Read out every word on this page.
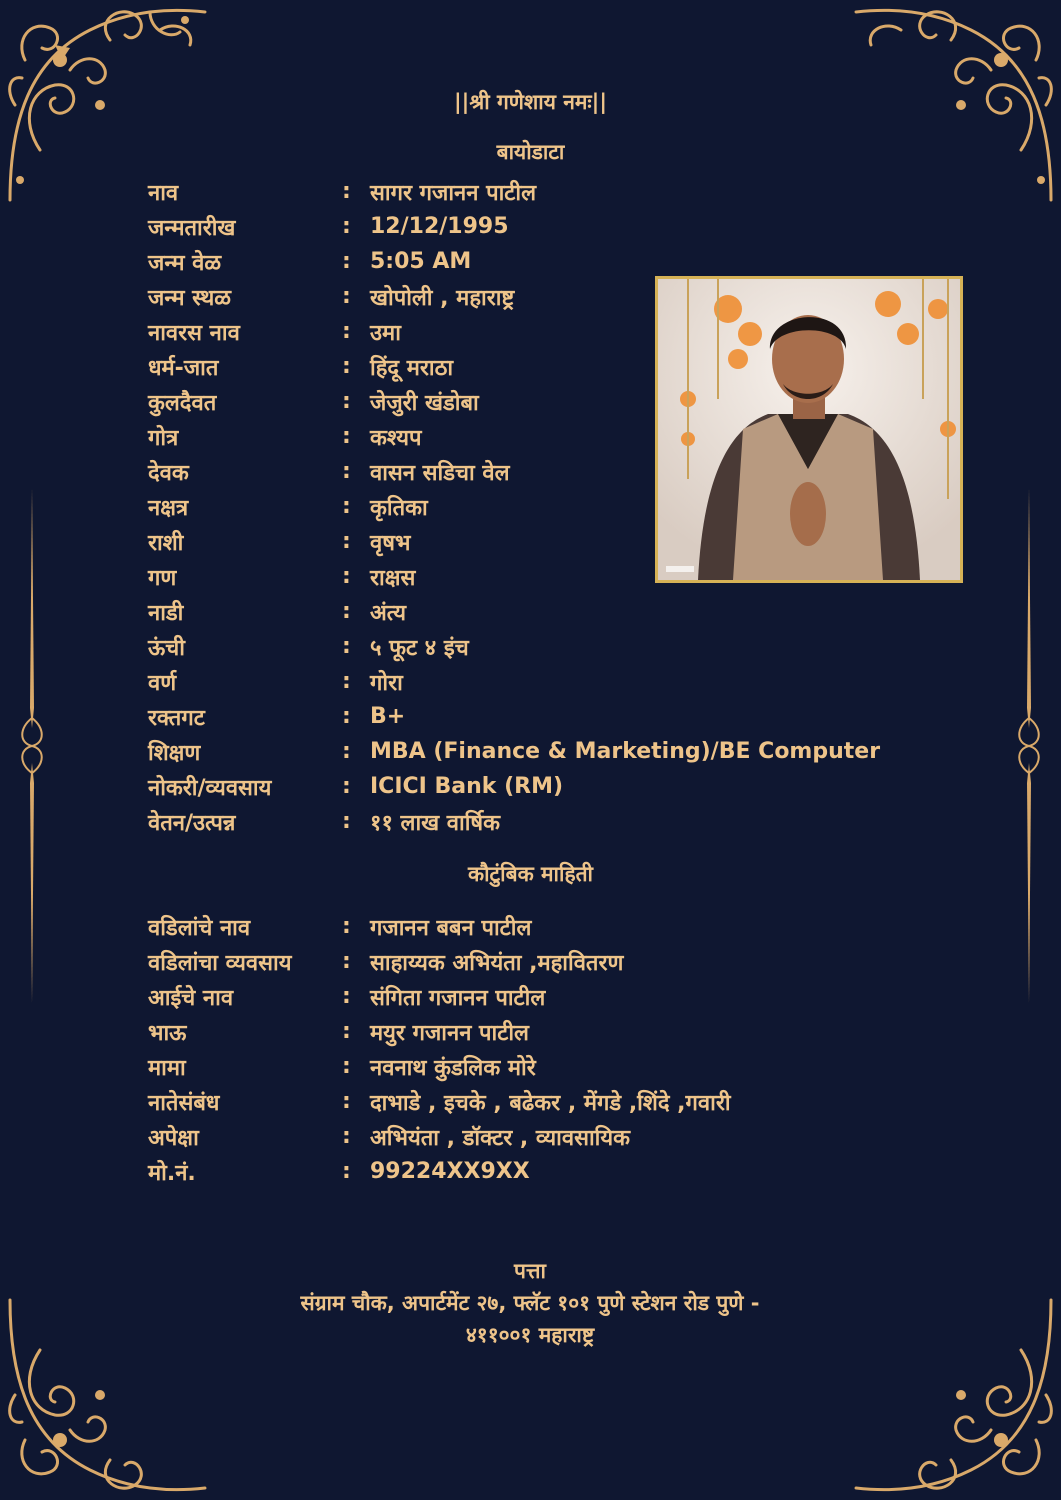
||श्री गणेशाय नमः||
बायोडाटा
नाव	: सागर गजानन पाटील
जन्मतारीख	: 12/12/1995
जन्म वेळ	: 5:05 AM
जन्म स्थळ	: खोपोली , महाराष्ट्र
नावरस नाव	: उमा
धर्म-जात	: हिंदू मराठा
कुलदैवत	: जेजुरी खंडोबा
गोत्र	: कश्यप
देवक	: वासन सडिचा वेल
नक्षत्र	: कृतिका
राशी	: वृषभ
गण	: राक्षस
नाडी	: अंत्य
ऊंची	: ५ फूट ४ इंच
वर्ण	: गोरा
रक्तगट	: B+
शिक्षण	: MBA (Finance & Marketing)/BE Computer
नोकरी/व्यवसाय	: ICICI Bank (RM)
वेतन/उत्पन्न	: ११ लाख वार्षिक
कौटुंबिक माहिती
वडिलांचे नाव	: गजानन बबन पाटील
वडिलांचा व्यवसाय	: साहाय्यक अभियंता ,महावितरण
आईचे नाव	: संगिता गजानन पाटील
भाऊ	: मयुर गजानन पाटील
मामा	: नवनाथ कुंडलिक मोरे
नातेसंबंध	: दाभाडे , इचके , बढेकर , मेंगडे ,शिंदे ,गवारी
अपेक्षा	: अभियंता , डॉक्टर , व्यावसायिक
मो.नं.	: 99224XX9XX
पत्ता
संग्राम चौक, अपार्टमेंट २७, फ्लॅट १०१ पुणे स्टेशन रोड पुणे -
४११००१ महाराष्ट्र
